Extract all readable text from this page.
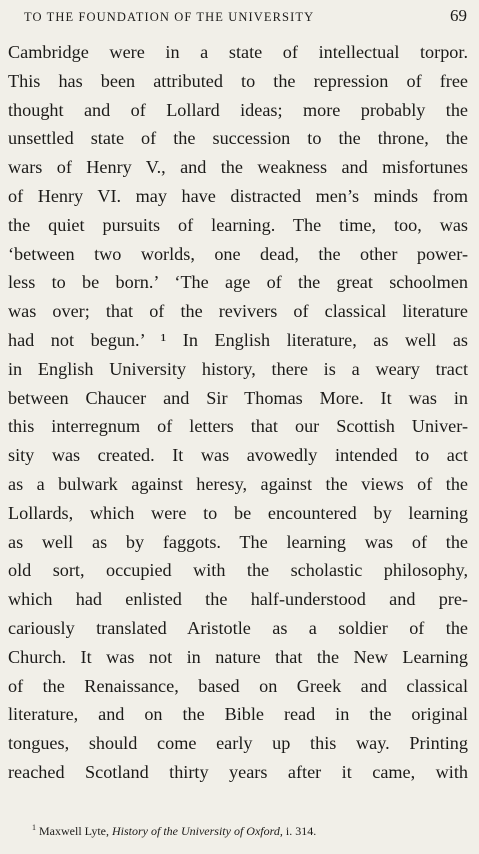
TO THE FOUNDATION OF THE UNIVERSITY	69
Cambridge were in a state of intellectual torpor.
This has been attributed to the repression of free
thought and of Lollard ideas; more probably the
unsettled state of the succession to the throne, the
wars of Henry V., and the weakness and misfortunes
of Henry VI. may have distracted men’s minds from
the quiet pursuits of learning. The time, too, was
‘between two worlds, one dead, the other power-
less to be born.’ ‘The age of the great schoolmen
was over; that of the revivers of classical literature
had not begun.’ ¹ In English literature, as well as
in English University history, there is a weary tract
between Chaucer and Sir Thomas More. It was in
this interregnum of letters that our Scottish Univer-
sity was created. It was avowedly intended to act
as a bulwark against heresy, against the views of the
Lollards, which were to be encountered by learning
as well as by faggots. The learning was of the
old sort, occupied with the scholastic philosophy,
which had enlisted the half-understood and pre-
cariously translated Aristotle as a soldier of the
Church. It was not in nature that the New Learning
of the Renaissance, based on Greek and classical
literature, and on the Bible read in the original
tongues, should come early up this way. Printing
reached Scotland thirty years after it came, with
$^1$ Maxwell Lyte, History of the University of Oxford, i. 314.
